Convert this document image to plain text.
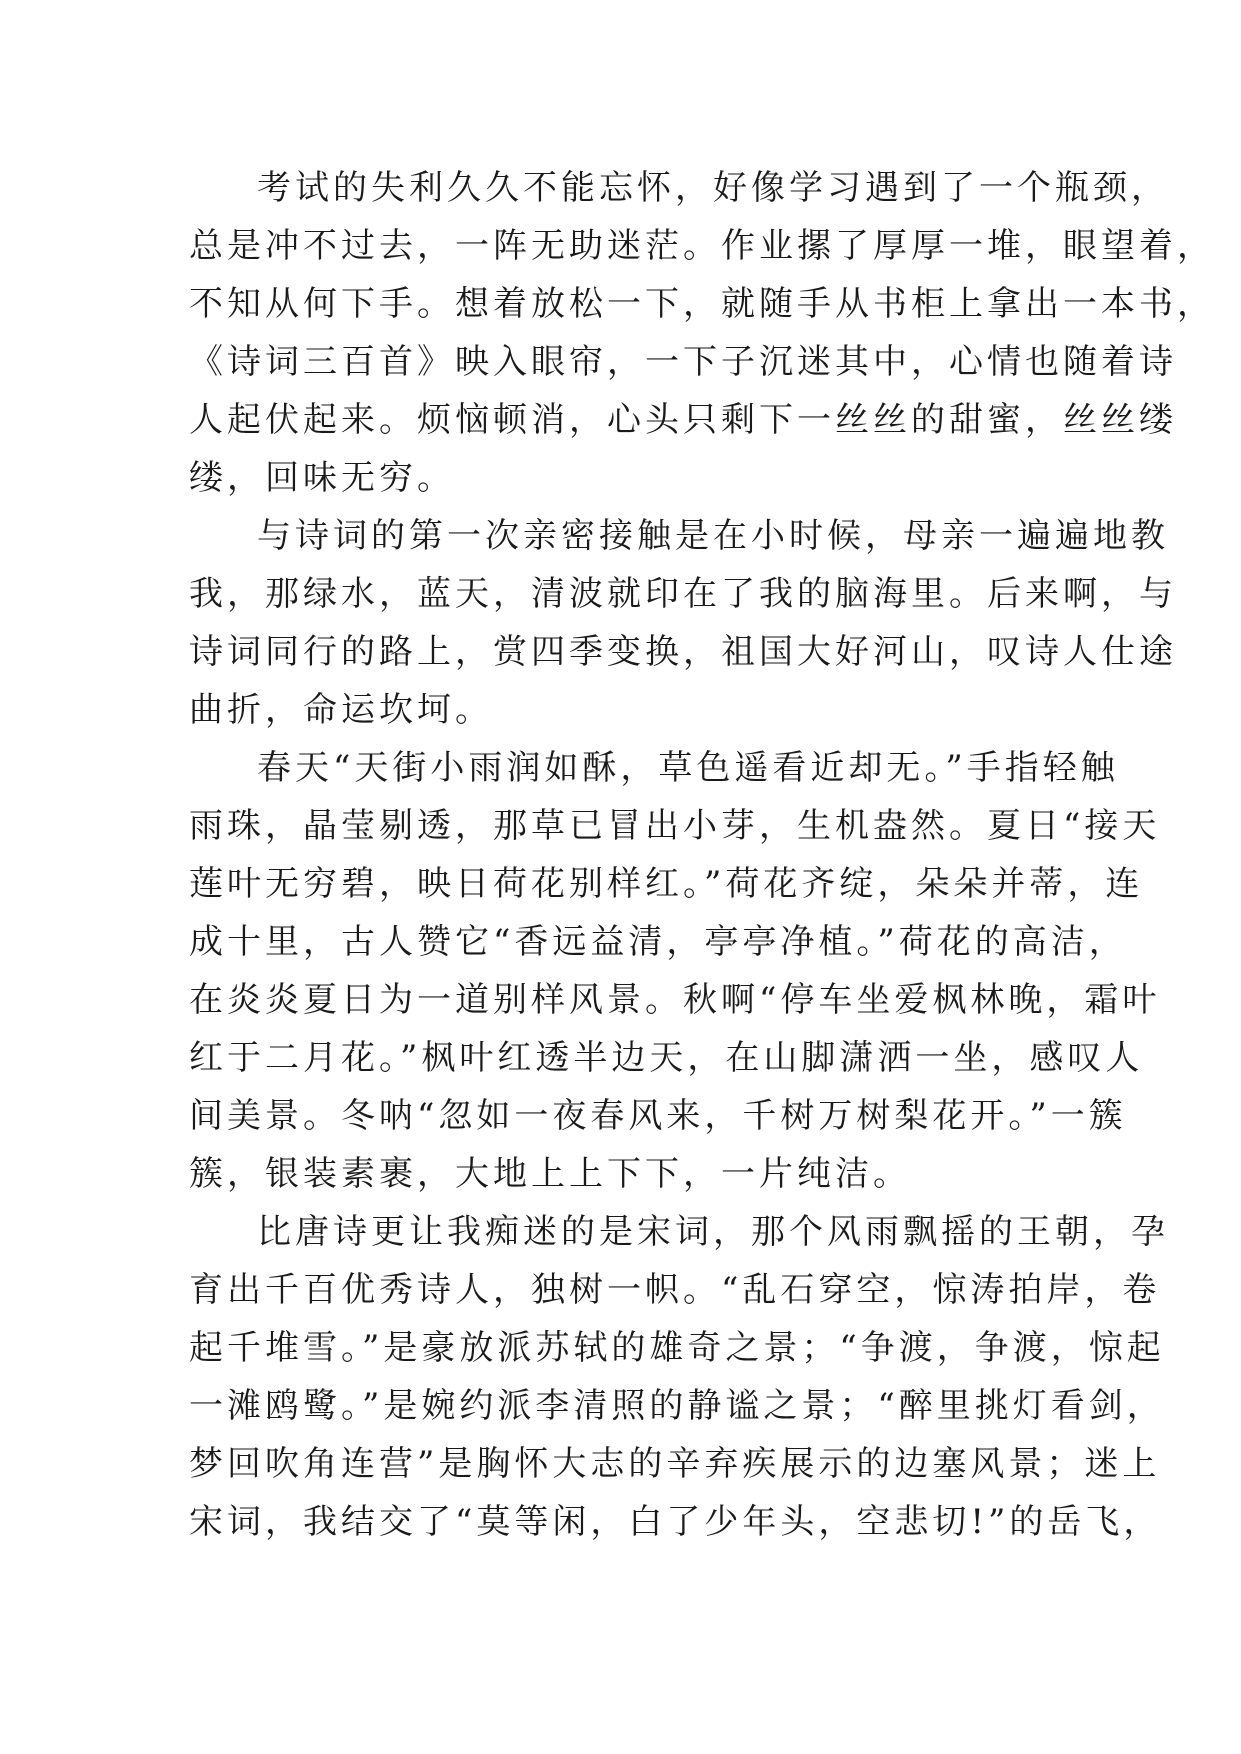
考试的失利久久不能忘怀，好像学习遇到了一个瓶颈，
总是冲不过去，一阵无助迷茫。作业摞了厚厚一堆，眼望着，
不知从何下手。想着放松一下，就随手从书柜上拿出一本书，
《诗词三百首》映入眼帘，一下子沉迷其中，心情也随着诗
人起伏起来。烦恼顿消，心头只剩下一丝丝的甜蜜，丝丝缕
缕，回味无穷。
与诗词的第一次亲密接触是在小时候，母亲一遍遍地教
我，那绿水，蓝天，清波就印在了我的脑海里。后来啊，与
诗词同行的路上，赏四季变换，祖国大好河山，叹诗人仕途
曲折，命运坎坷。
春天“天街小雨润如酥，草色遥看近却无。”手指轻触
雨珠，晶莹剔透，那草已冒出小芽，生机盎然。夏日“接天
莲叶无穷碧，映日荷花别样红。”荷花齐绽，朵朵并蒂，连
成十里，古人赞它“香远益清，亭亭净植。”荷花的高洁，
在炎炎夏日为一道别样风景。秋啊“停车坐爱枫林晚，霜叶
红于二月花。”枫叶红透半边天，在山脚潇洒一坐，感叹人
间美景。冬呐“忽如一夜春风来，千树万树梨花开。”一簇
簇，银装素裹，大地上上下下，一片纯洁。
比唐诗更让我痴迷的是宋词，那个风雨飘摇的王朝，孕
育出千百优秀诗人，独树一帜。“乱石穿空，惊涛拍岸，卷
起千堆雪。”是豪放派苏轼的雄奇之景；“争渡，争渡，惊起
一滩鸥鹭。”是婉约派李清照的静谧之景；“醉里挑灯看剑，
梦回吹角连营”是胸怀大志的辛弃疾展示的边塞风景；迷上
宋词，我结交了“莫等闲，白了少年头，空悲切!”的岳飞，
